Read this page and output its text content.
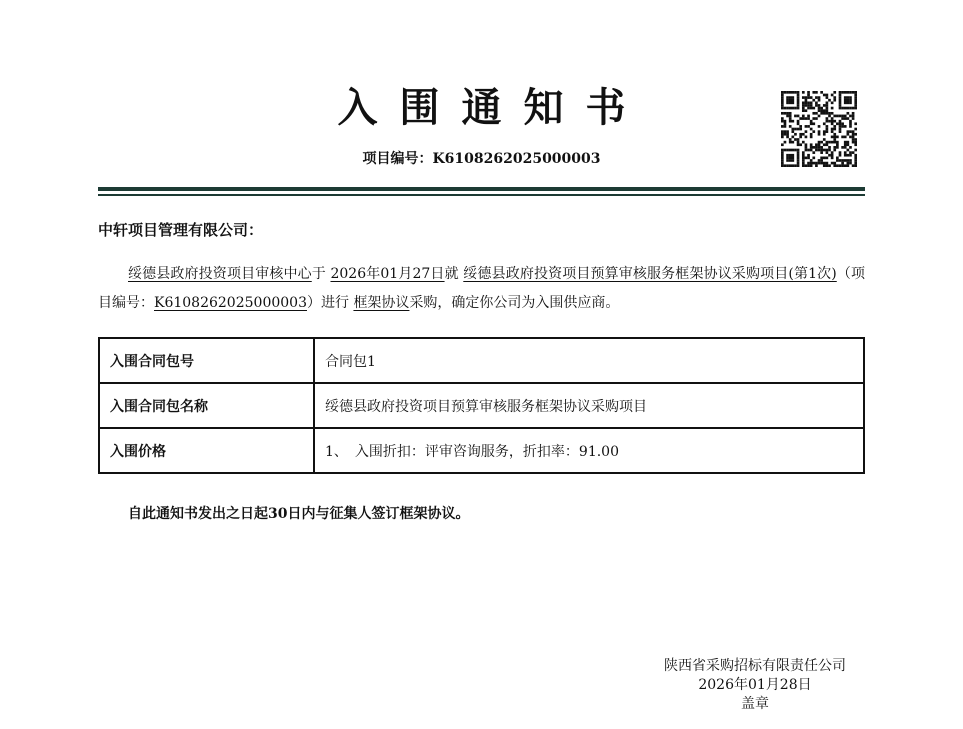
入围通知书
项目编号：K6108262025000003
中轩项目管理有限公司：
绥德县政府投资项目审核中心于 2026年01月27日就 绥德县政府投资项目预算审核服务框架协议采购项目(第1次)（项目编号：K6108262025000003）进行 框架协议采购，确定你公司为入围供应商。
入围合同包号	合同包1
入围合同包名称	绥德县政府投资项目预算审核服务框架协议采购项目
入围价格	1、　入围折扣：评审咨询服务，折扣率：91.00
自此通知书发出之日起30日内与征集人签订框架协议。
陕西省采购招标有限责任公司
2026年01月28日
盖章
